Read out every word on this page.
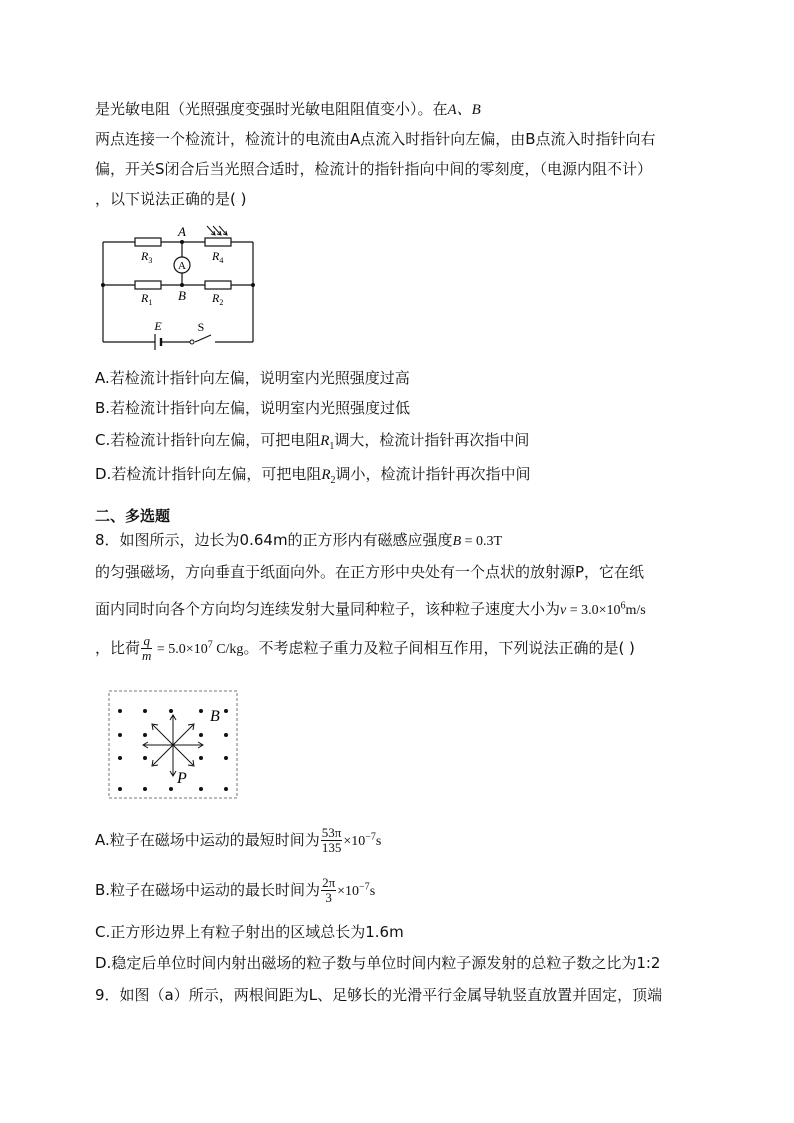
是光敏电阻（光照强度变强时光敏电阻阻值变小）。在A、B
两点连接一个检流计，检流计的电流由A点流入时指针向左偏，由B点流入时指针向右
偏，开关S闭合后当光照合适时，检流计的指针指向中间的零刻度，（电源内阻不计）
，以下说法正确的是( )
A
A
B
$R_3$	$R_4$
$R_1$	$R_2$
E	S
A.若检流计指针向左偏，说明室内光照强度过高
B.若检流计指针向左偏，说明室内光照强度过低
C.若检流计指针向左偏，可把电阻$R_1$调大，检流计指针再次指中间
D.若检流计指针向左偏，可把电阻$R_2$调小，检流计指针再次指中间
二、多选题
8．如图所示，边长为0.64m的正方形内有磁感应强度B = 0.3T
的匀强磁场，方向垂直于纸面向外。在正方形中央处有一个点状的放射源P，它在纸
面内同时向各个方向均匀连续发射大量同种粒子，该种粒子速度大小为$v = 3.0\times 10^6m/s$
，比荷 $\frac{q}{m} = 5.0\times 10^7$ C/kg。不考虑粒子重力及粒子间相互作用，下列说法正确的是( )
B
P
A.粒子在磁场中运动的最短时间为 $\frac{53\pi}{135} \times 10^{-7}s$
B.粒子在磁场中运动的最长时间为 $\frac{2\pi}{3} \times 10^{-7}s$
C.正方形边界上有粒子射出的区域总长为1.6m
D.稳定后单位时间内射出磁场的粒子数与单位时间内粒子源发射的总粒子数之比为1:2
9．如图（a）所示，两根间距为L、足够长的光滑平行金属导轨竖直放置并固定，顶端
